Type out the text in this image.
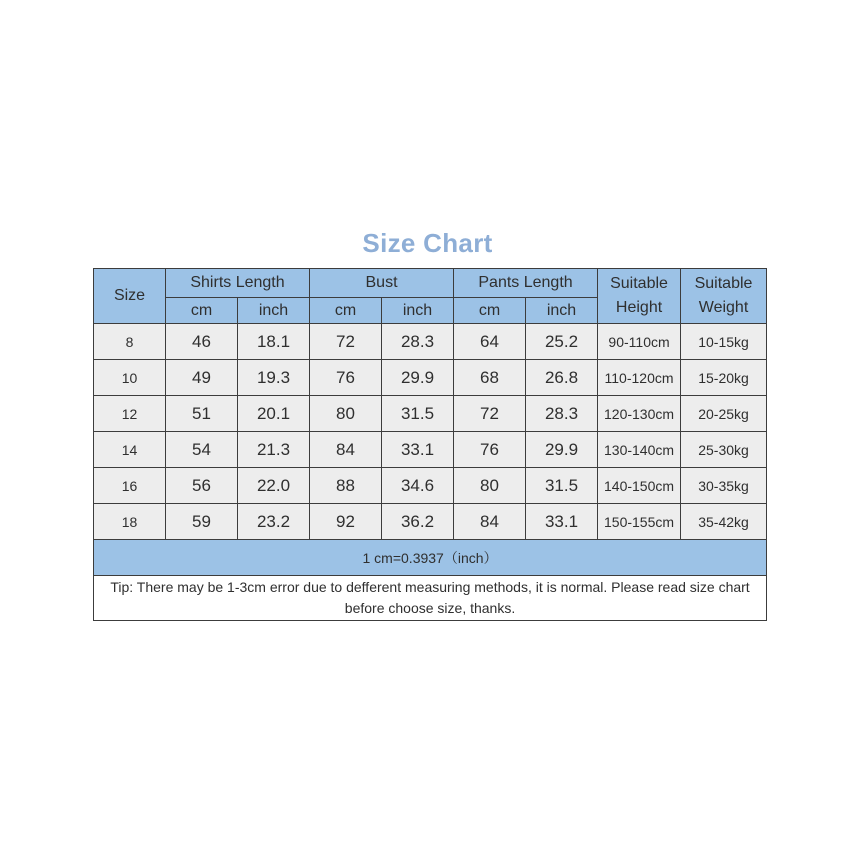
Size Chart
Size	Shirts Length		Bust		Pants Length		Suitable Height	Suitable Weight
	cm	inch	cm	inch	cm	inch		
8	46	18.1	72	28.3	64	25.2	90-110cm	10-15kg
10	49	19.3	76	29.9	68	26.8	110-120cm	15-20kg
12	51	20.1	80	31.5	72	28.3	120-130cm	20-25kg
14	54	21.3	84	33.1	76	29.9	130-140cm	25-30kg
16	56	22.0	88	34.6	80	31.5	140-150cm	30-35kg
18	59	23.2	92	36.2	84	33.1	150-155cm	35-42kg
1 cm=0.3937（inch）								
Tip: There may be 1-3cm error due to defferent measuring methods, it is normal. Please read size chart before choose size, thanks.								
